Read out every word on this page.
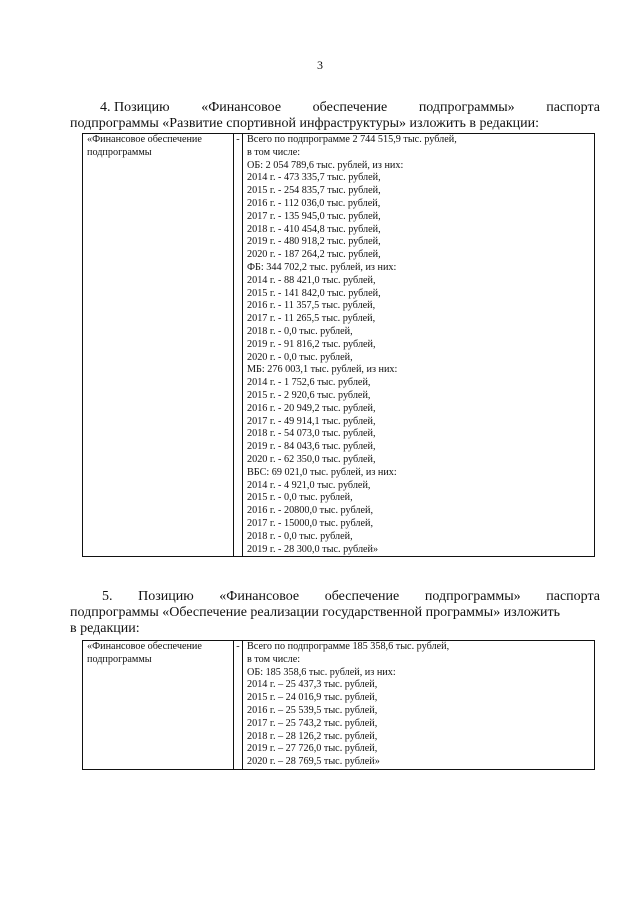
3
4. Позицию «Финансовое обеспечение подпрограммы» паспорта
подпрограммы «Развитие спортивной инфраструктуры» изложить в редакции:
«Финансовое обеспечение
подпрограммы
	-	Всего по подпрограмме 2 744 515,9 тыс. рублей,
в том числе:
ОБ: 2 054 789,6 тыс. рублей, из них:
2014 г. - 473 335,7 тыс. рублей,
2015 г. - 254 835,7 тыс. рублей,
2016 г. - 112 036,0 тыс. рублей,
2017 г. - 135 945,0 тыс. рублей,
2018 г. - 410 454,8 тыс. рублей,
2019 г. - 480 918,2 тыс. рублей,
2020 г. - 187 264,2 тыс. рублей,
ФБ: 344 702,2 тыс. рублей, из них:
2014 г. - 88 421,0 тыс. рублей,
2015 г. - 141 842,0 тыс. рублей,
2016 г. - 11 357,5 тыс. рублей,
2017 г. - 11 265,5 тыс. рублей,
2018 г. - 0,0 тыс. рублей,
2019 г. - 91 816,2 тыс. рублей,
2020 г. - 0,0 тыс. рублей,
МБ: 276 003,1 тыс. рублей, из них:
2014 г. - 1 752,6 тыс. рублей,
2015 г. - 2 920,6 тыс. рублей,
2016 г. - 20 949,2 тыс. рублей,
2017 г. - 49 914,1 тыс. рублей,
2018 г. - 54 073,0 тыс. рублей,
2019 г. - 84 043,6 тыс. рублей,
2020 г. - 62 350,0 тыс. рублей,
ВБС: 69 021,0 тыс. рублей, из них:
2014 г. - 4 921,0 тыс. рублей,
2015 г. - 0,0 тыс. рублей,
2016 г. - 20800,0 тыс. рублей,
2017 г. - 15000,0 тыс. рублей,
2018 г. - 0,0 тыс. рублей,
2019 г. - 28 300,0 тыс. рублей»
5. Позицию «Финансовое обеспечение подпрограммы» паспорта
подпрограммы «Обеспечение реализации государственной программы» изложить
в редакции:
«Финансовое обеспечение
подпрограммы
	-	Всего по подпрограмме 185 358,6 тыс. рублей,
в том числе:
ОБ: 185 358,6 тыс. рублей, из них:
2014 г. – 25 437,3 тыс. рублей,
2015 г. – 24 016,9 тыс. рублей,
2016 г. – 25 539,5 тыс. рублей,
2017 г. – 25 743,2 тыс. рублей,
2018 г. – 28 126,2 тыс. рублей,
2019 г. – 27 726,0 тыс. рублей,
2020 г. – 28 769,5 тыс. рублей»
